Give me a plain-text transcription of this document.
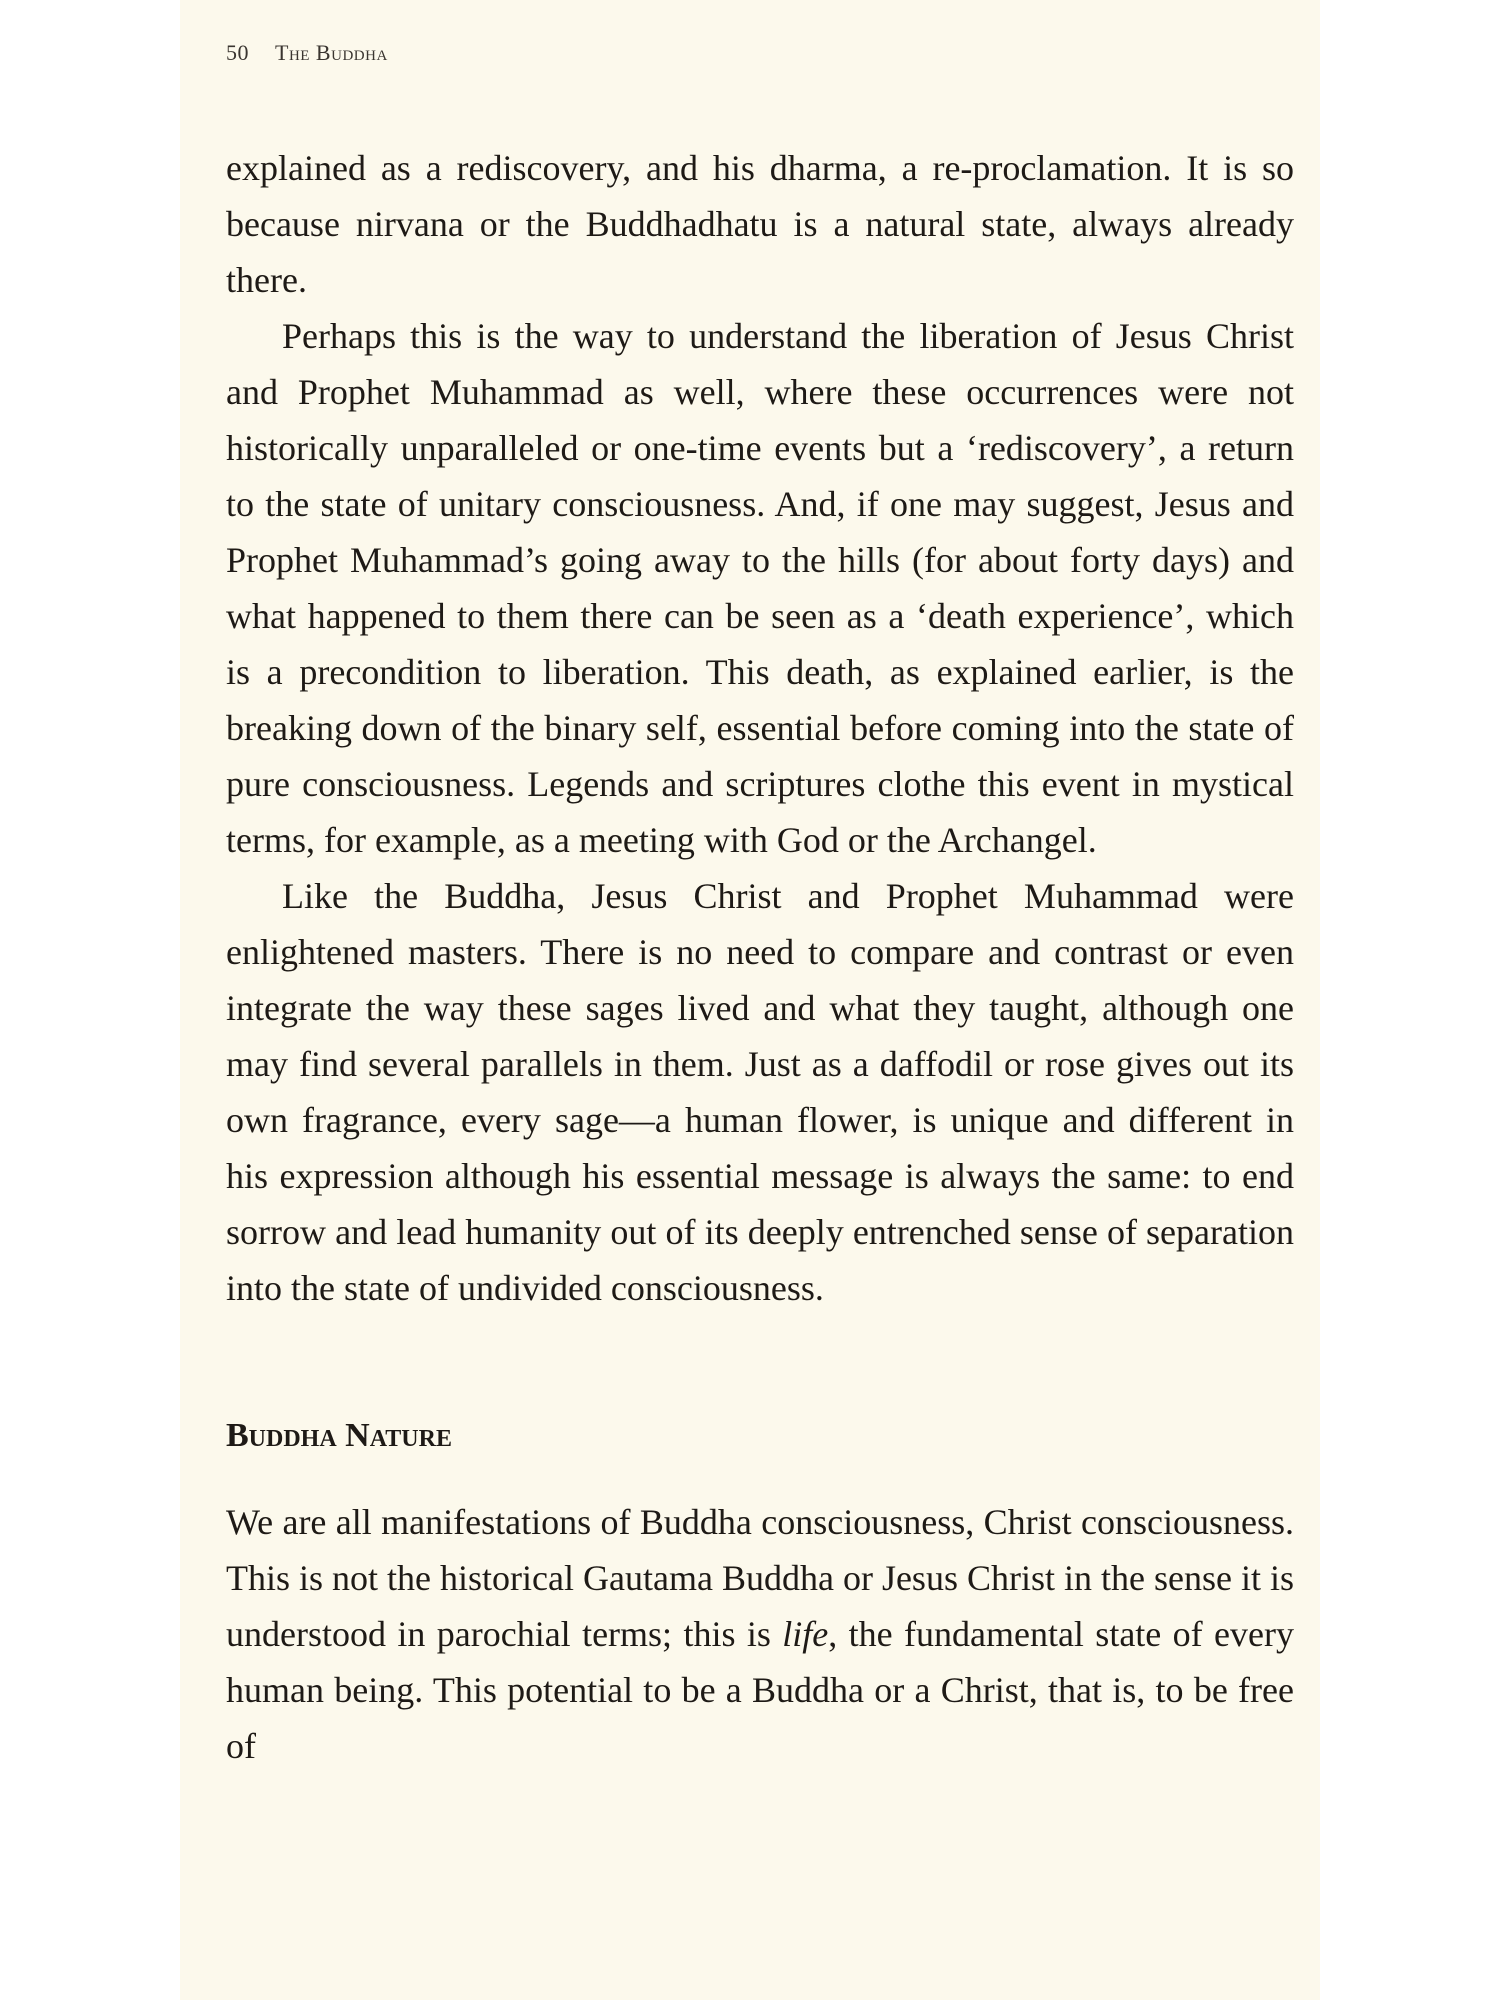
50 The Buddha

explained as a rediscovery, and his dharma, a re-proclamation. It is so because nirvana or the Buddhadhatu is a natural state, always already there.

Perhaps this is the way to understand the liberation of Jesus Christ and Prophet Muhammad as well, where these occurrences were not historically unparalleled or one-time events but a ‘rediscovery’, a return to the state of unitary consciousness. And, if one may suggest, Jesus and Prophet Muhammad’s going away to the hills (for about forty days) and what happened to them there can be seen as a ‘death experience’, which is a precondition to liberation. This death, as explained earlier, is the breaking down of the binary self, essential before coming into the state of pure consciousness. Legends and scriptures clothe this event in mystical terms, for example, as a meeting with God or the Archangel.

Like the Buddha, Jesus Christ and Prophet Muhammad were enlightened masters. There is no need to compare and contrast or even integrate the way these sages lived and what they taught, although one may find several parallels in them. Just as a daffodil or rose gives out its own fragrance, every sage—a human flower, is unique and different in his expression although his essential message is always the same: to end sorrow and lead humanity out of its deeply entrenched sense of separation into the state of undivided consciousness.

Buddha Nature

We are all manifestations of Buddha consciousness, Christ consciousness. This is not the historical Gautama Buddha or Jesus Christ in the sense it is understood in parochial terms; this is life, the fundamental state of every human being. This potential to be a Buddha or a Christ, that is, to be free of
